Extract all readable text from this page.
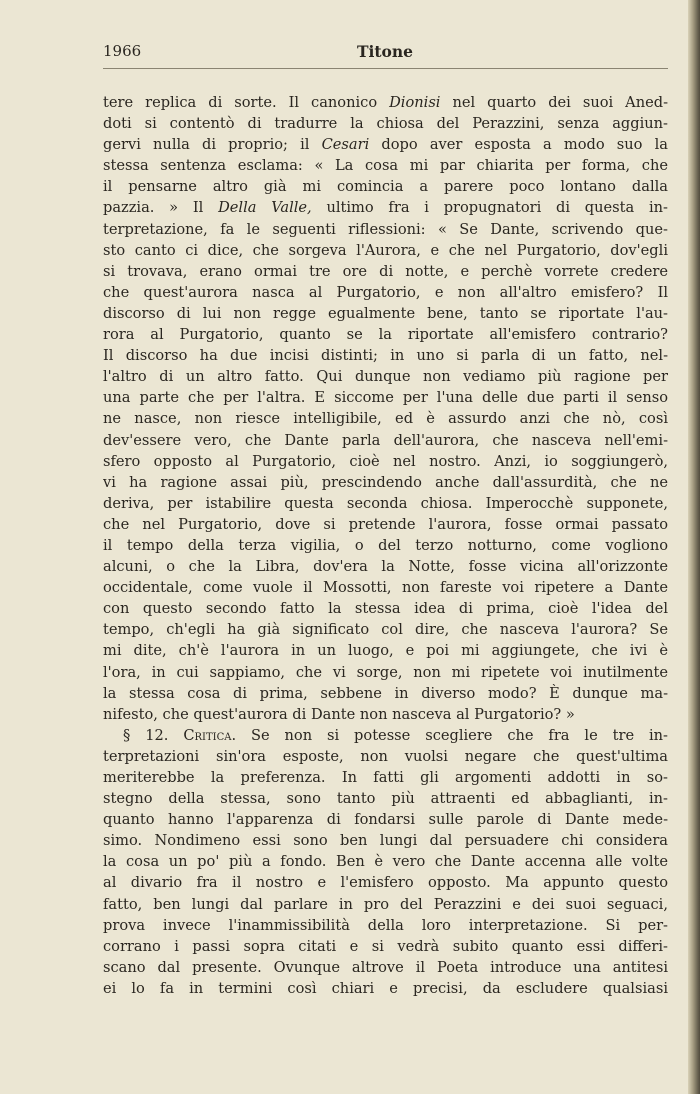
1966	Titone
tere replica di sorte. Il canonico Dionisi nel quarto dei suoi Aned-
doti si contentò di tradurre la chiosa del Perazzini, senza aggiun-
gervi nulla di proprio; il Cesari dopo aver esposta a modo suo la
stessa sentenza esclama: « La cosa mi par chiarita per forma, che
il pensarne altro già mi comincia a parere poco lontano dalla
pazzia. » Il Della Valle, ultimo fra i propugnatori di questa in-
terpretazione, fa le seguenti riflessioni: « Se Dante, scrivendo que-
sto canto ci dice, che sorgeva l'Aurora, e che nel Purgatorio, dov'egli
si trovava, erano ormai tre ore di notte, e perchè vorrete credere
che quest'aurora nasca al Purgatorio, e non all'altro emisfero? Il
discorso di lui non regge egualmente bene, tanto se riportate l'au-
rora al Purgatorio, quanto se la riportate all'emisfero contrario?
Il discorso ha due incisi distinti; in uno si parla di un fatto, nel-
l'altro di un altro fatto. Qui dunque non vediamo più ragione per
una parte che per l'altra. E siccome per l'una delle due parti il senso
ne nasce, non riesce intelligibile, ed è assurdo anzi che nò, così
dev'essere vero, che Dante parla dell'aurora, che nasceva nell'emi-
sfero opposto al Purgatorio, cioè nel nostro. Anzi, io soggiungerò,
vi ha ragione assai più, prescindendo anche dall'assurdità, che ne
deriva, per istabilire questa seconda chiosa. Imperocchè supponete,
che nel Purgatorio, dove si pretende l'aurora, fosse ormai passato
il tempo della terza vigilia, o del terzo notturno, come vogliono
alcuni, o che la Libra, dov'era la Notte, fosse vicina all'orizzonte
occidentale, come vuole il Mossotti, non fareste voi ripetere a Dante
con questo secondo fatto la stessa idea di prima, cioè l'idea del
tempo, ch'egli ha già significato col dire, che nasceva l'aurora? Se
mi dite, ch'è l'aurora in un luogo, e poi mi aggiungete, che ivi è
l'ora, in cui sappiamo, che vi sorge, non mi ripetete voi inutilmente
la stessa cosa di prima, sebbene in diverso modo? È dunque ma-
nifesto, che quest'aurora di Dante non nasceva al Purgatorio? »
§ 12. Critica. Se non si potesse scegliere che fra le tre in-
terpretazioni sin'ora esposte, non vuolsi negare che quest'ultima
meriterebbe la preferenza. In fatti gli argomenti addotti in so-
stegno della stessa, sono tanto più attraenti ed abbaglianti, in-
quanto hanno l'apparenza di fondarsi sulle parole di Dante mede-
simo. Nondimeno essi sono ben lungi dal persuadere chi considera
la cosa un po' più a fondo. Ben è vero che Dante accenna alle volte
al divario fra il nostro e l'emisfero opposto. Ma appunto questo
fatto, ben lungi dal parlare in pro del Perazzini e dei suoi seguaci,
prova invece l'inammissibilità della loro interpretazione. Si per-
corrano i passi sopra citati e si vedrà subito quanto essi differi-
scano dal presente. Ovunque altrove il Poeta introduce una antitesi
ei lo fa in termini così chiari e precisi, da escludere qualsiasi
